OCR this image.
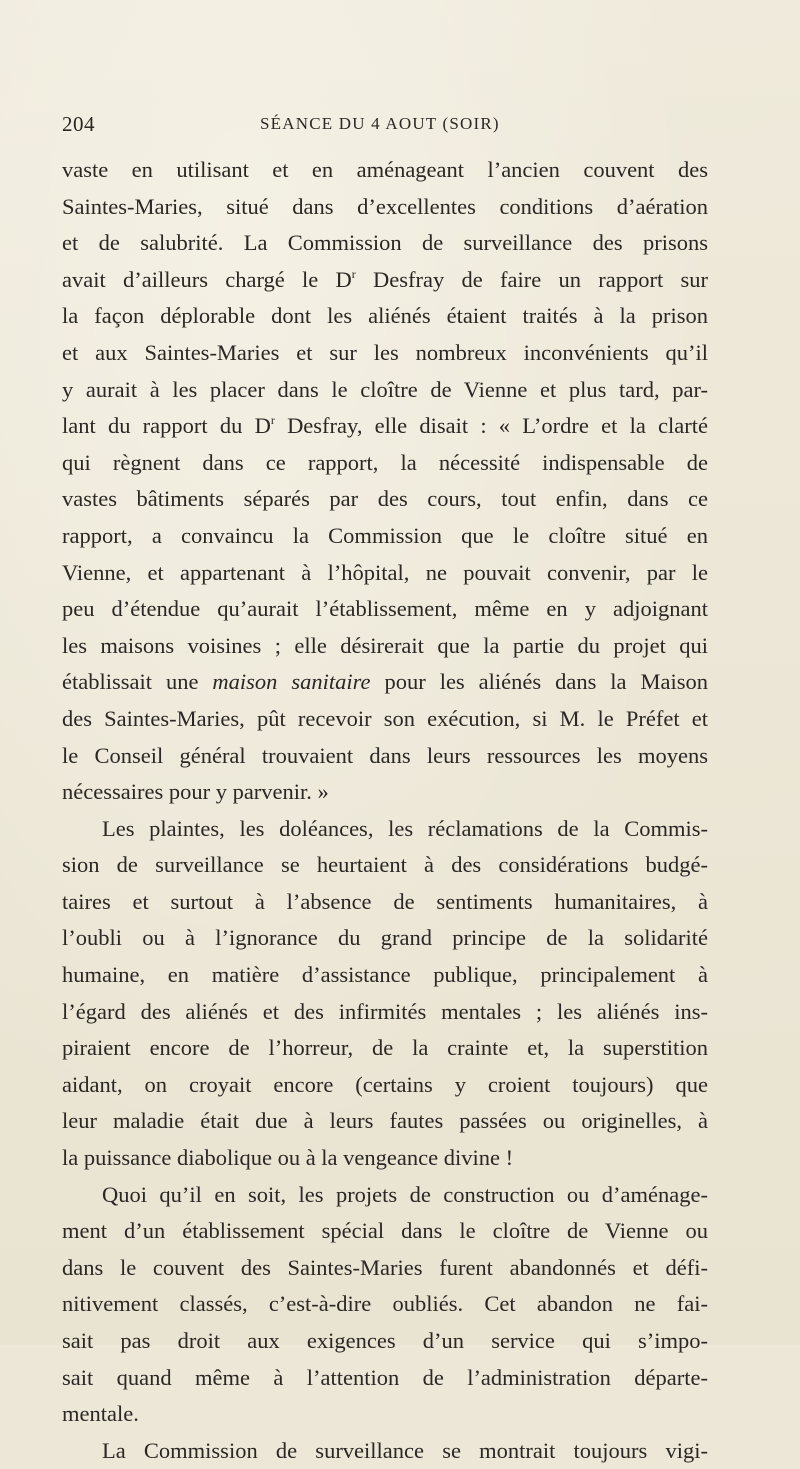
204	SÉANCE DU 4 AOUT (SOIR)
vaste en utilisant et en aménageant l’ancien couvent des
Saintes-Maries, situé dans d’excellentes conditions d’aération
et de salubrité. La Commission de surveillance des prisons
avait d’ailleurs chargé le $D^r$ Desfray de faire un rapport sur
la façon déplorable dont les aliénés étaient traités à la prison
et aux Saintes-Maries et sur les nombreux inconvénients qu’il
y aurait à les placer dans le cloître de Vienne et plus tard, par-
lant du rapport du $D^r$ Desfray, elle disait : « L’ordre et la clarté
qui règnent dans ce rapport, la nécessité indispensable de
vastes bâtiments séparés par des cours, tout enfin, dans ce
rapport, a convaincu la Commission que le cloître situé en
Vienne, et appartenant à l’hôpital, ne pouvait convenir, par le
peu d’étendue qu’aurait l’établissement, même en y adjoignant
les maisons voisines ; elle désirerait que la partie du projet qui
établissait une maison sanitaire pour les aliénés dans la Maison
des Saintes-Maries, pût recevoir son exécution, si M. le Préfet et
le Conseil général trouvaient dans leurs ressources les moyens
nécessaires pour y parvenir. »
Les plaintes, les doléances, les réclamations de la Commis-
sion de surveillance se heurtaient à des considérations budgé-
taires et surtout à l’absence de sentiments humanitaires, à
l’oubli ou à l’ignorance du grand principe de la solidarité
humaine, en matière d’assistance publique, principalement à
l’égard des aliénés et des infirmités mentales ; les aliénés ins-
piraient encore de l’horreur, de la crainte et, la superstition
aidant, on croyait encore (certains y croient toujours) que
leur maladie était due à leurs fautes passées ou originelles, à
la puissance diabolique ou à la vengeance divine !
Quoi qu’il en soit, les projets de construction ou d’aménage-
ment d’un établissement spécial dans le cloître de Vienne ou
dans le couvent des Saintes-Maries furent abandonnés et défi-
nitivement classés, c’est-à-dire oubliés. Cet abandon ne fai-
sait pas droit aux exigences d’un service qui s’impo-
sait quand même à l’attention de l’administration départe-
mentale.
La Commission de surveillance se montrait toujours vigi-
